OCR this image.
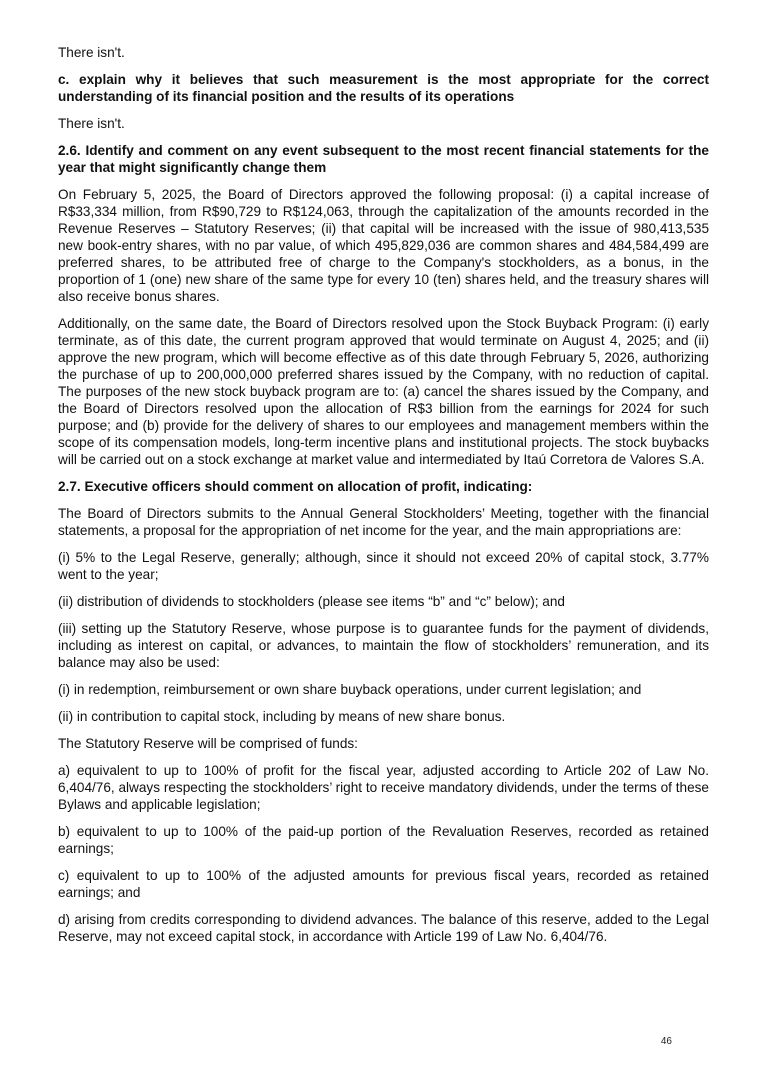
There isn't.

c. explain why it believes that such measurement is the most appropriate for the correct understanding of its financial position and the results of its operations

There isn't.

2.6. Identify and comment on any event subsequent to the most recent financial statements for the year that might significantly change them

On February 5, 2025, the Board of Directors approved the following proposal: (i) a capital increase of R$33,334 million, from R$90,729 to R$124,063, through the capitalization of the amounts recorded in the Revenue Reserves – Statutory Reserves; (ii) that capital will be increased with the issue of 980,413,535 new book-entry shares, with no par value, of which 495,829,036 are common shares and 484,584,499 are preferred shares, to be attributed free of charge to the Company's stockholders, as a bonus, in the proportion of 1 (one) new share of the same type for every 10 (ten) shares held, and the treasury shares will also receive bonus shares.

Additionally, on the same date, the Board of Directors resolved upon the Stock Buyback Program: (i) early terminate, as of this date, the current program approved that would terminate on August 4, 2025; and (ii) approve the new program, which will become effective as of this date through February 5, 2026, authorizing the purchase of up to 200,000,000 preferred shares issued by the Company, with no reduction of capital. The purposes of the new stock buyback program are to: (a) cancel the shares issued by the Company, and the Board of Directors resolved upon the allocation of R$3 billion from the earnings for 2024 for such purpose; and (b) provide for the delivery of shares to our employees and management members within the scope of its compensation models, long-term incentive plans and institutional projects. The stock buybacks will be carried out on a stock exchange at market value and intermediated by Itaú Corretora de Valores S.A.

2.7. Executive officers should comment on allocation of profit, indicating:

The Board of Directors submits to the Annual General Stockholders’ Meeting, together with the financial statements, a proposal for the appropriation of net income for the year, and the main appropriations are:

(i) 5% to the Legal Reserve, generally; although, since it should not exceed 20% of capital stock, 3.77% went to the year;

(ii) distribution of dividends to stockholders (please see items “b” and “c” below); and

(iii) setting up the Statutory Reserve, whose purpose is to guarantee funds for the payment of dividends, including as interest on capital, or advances, to maintain the flow of stockholders’ remuneration, and its balance may also be used:

(i) in redemption, reimbursement or own share buyback operations, under current legislation; and

(ii) in contribution to capital stock, including by means of new share bonus.

The Statutory Reserve will be comprised of funds:

a) equivalent to up to 100% of profit for the fiscal year, adjusted according to Article 202 of Law No. 6,404/76, always respecting the stockholders’ right to receive mandatory dividends, under the terms of these Bylaws and applicable legislation;

b) equivalent to up to 100% of the paid-up portion of the Revaluation Reserves, recorded as retained earnings;

c) equivalent to up to 100% of the adjusted amounts for previous fiscal years, recorded as retained earnings; and

d) arising from credits corresponding to dividend advances. The balance of this reserve, added to the Legal Reserve, may not exceed capital stock, in accordance with Article 199 of Law No. 6,404/76.

46
